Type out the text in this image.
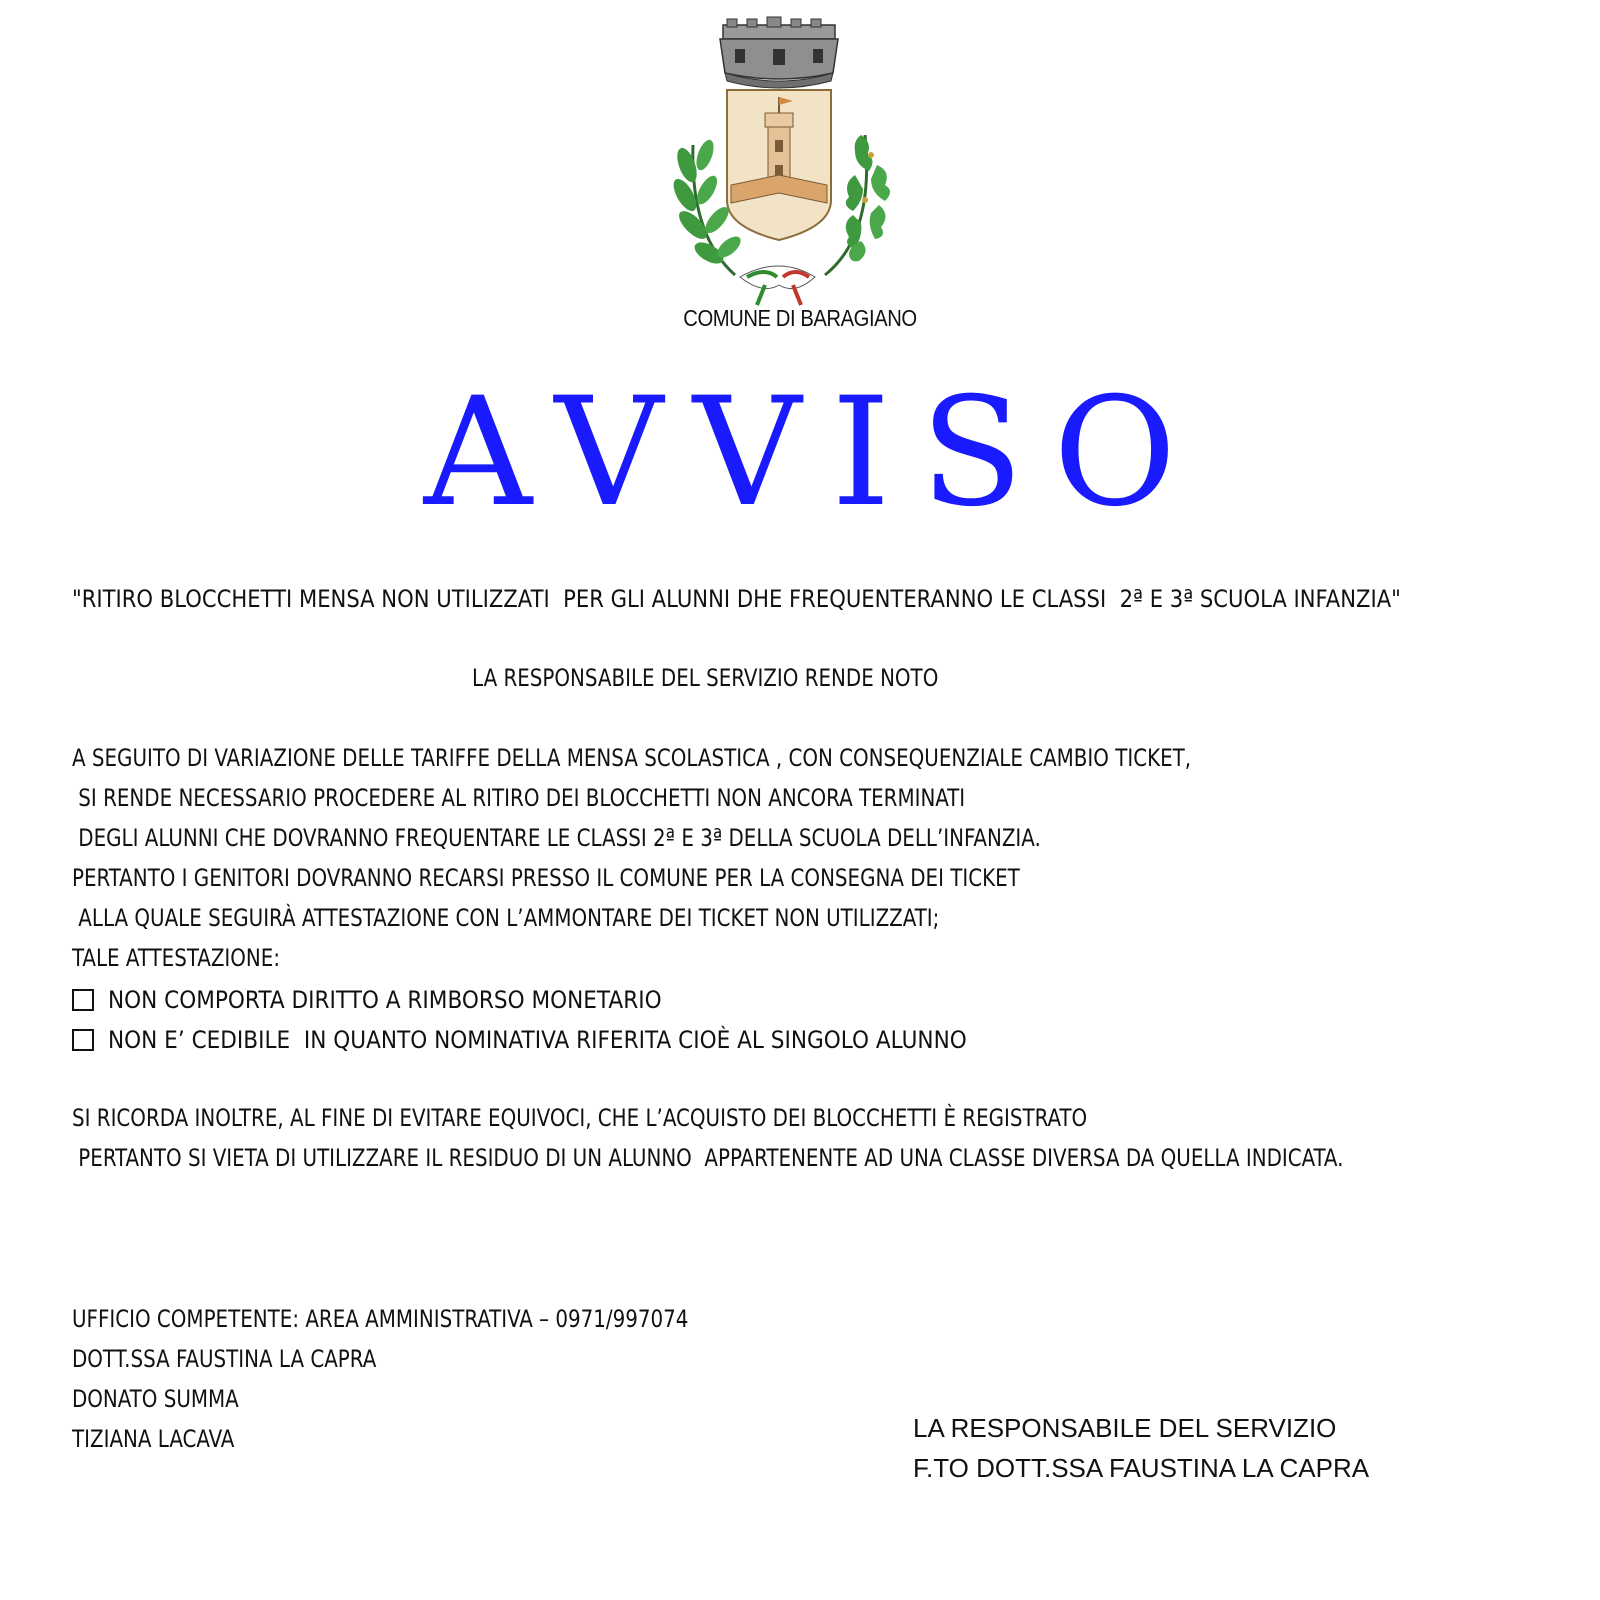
COMUNE DI BARAGIANO
AVVISO
"RITIRO BLOCCHETTI MENSA NON UTILIZZATI  PER GLI ALUNNI DHE FREQUENTERANNO LE CLASSI  2ª E 3ª SCUOLA INFANZIA"
LA RESPONSABILE DEL SERVIZIO RENDE NOTO
A SEGUITO DI VARIAZIONE DELLE TARIFFE DELLA MENSA SCOLASTICA , CON CONSEQUENZIALE CAMBIO TICKET,
SI RENDE NECESSARIO PROCEDERE AL RITIRO DEI BLOCCHETTI NON ANCORA TERMINATI
DEGLI ALUNNI CHE DOVRANNO FREQUENTARE LE CLASSI 2ª E 3ª DELLA SCUOLA DELL’INFANZIA.
PERTANTO I GENITORI DOVRANNO RECARSI PRESSO IL COMUNE PER LA CONSEGNA DEI TICKET
ALLA QUALE SEGUIRÀ ATTESTAZIONE CON L’AMMONTARE DEI TICKET NON UTILIZZATI;
TALE ATTESTAZIONE:
NON COMPORTA DIRITTO A RIMBORSO MONETARIO
NON E’ CEDIBILE  IN QUANTO NOMINATIVA RIFERITA CIOÈ AL SINGOLO ALUNNO
SI RICORDA INOLTRE, AL FINE DI EVITARE EQUIVOCI, CHE L’ACQUISTO DEI BLOCCHETTI È REGISTRATO
PERTANTO SI VIETA DI UTILIZZARE IL RESIDUO DI UN ALUNNO  APPARTENENTE AD UNA CLASSE DIVERSA DA QUELLA INDICATA.
UFFICIO COMPETENTE: AREA AMMINISTRATIVA – 0971/997074
DOTT.SSA FAUSTINA LA CAPRA
DONATO SUMMA
TIZIANA LACAVA	LA RESPONSABILE DEL SERVIZIO
F.TO DOTT.SSA FAUSTINA LA CAPRA
